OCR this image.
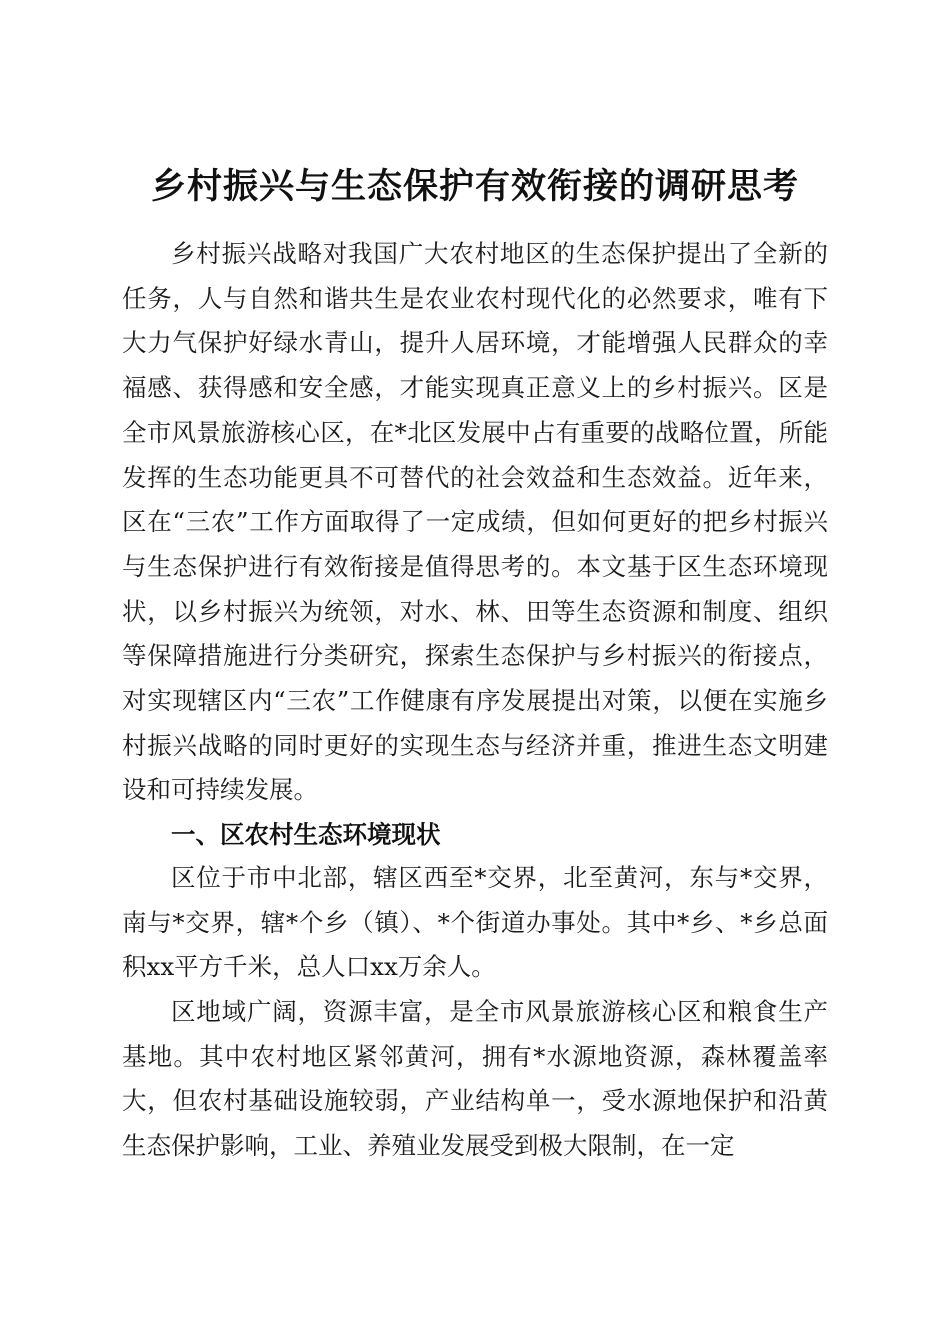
乡村振兴与生态保护有效衔接的调研思考

乡村振兴战略对我国广大农村地区的生态保护提出了全新的任务，人与自然和谐共生是农业农村现代化的必然要求，唯有下大力气保护好绿水青山，提升人居环境，才能增强人民群众的幸福感、获得感和安全感，才能实现真正意义上的乡村振兴。区是全市风景旅游核心区，在*北区发展中占有重要的战略位置，所能发挥的生态功能更具不可替代的社会效益和生态效益。近年来，区在“三农”工作方面取得了一定成绩，但如何更好的把乡村振兴与生态保护进行有效衔接是值得思考的。本文基于区生态环境现状，以乡村振兴为统领，对水、林、田等生态资源和制度、组织等保障措施进行分类研究，探索生态保护与乡村振兴的衔接点，对实现辖区内“三农”工作健康有序发展提出对策，以便在实施乡村振兴战略的同时更好的实现生态与经济并重，推进生态文明建设和可持续发展。

一、区农村生态环境现状

区位于市中北部，辖区西至*交界，北至黄河，东与*交界，南与*交界，辖*个乡（镇）、*个街道办事处。其中*乡、*乡总面积xx平方千米，总人口xx万余人。

区地域广阔，资源丰富，是全市风景旅游核心区和粮食生产基地。其中农村地区紧邻黄河，拥有*水源地资源，森林覆盖率大，但农村基础设施较弱，产业结构单一，受水源地保护和沿黄生态保护影响，工业、养殖业发展受到极大限制，在一定
